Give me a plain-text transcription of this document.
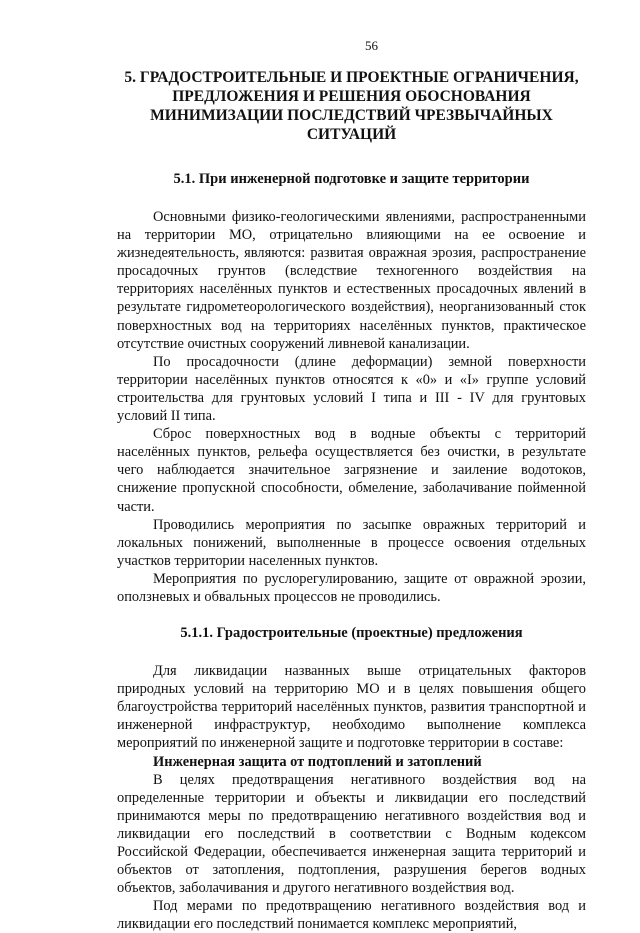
56
5. ГРАДОСТРОИТЕЛЬНЫЕ И ПРОЕКТНЫЕ ОГРАНИЧЕНИЯ, ПРЕДЛОЖЕНИЯ И РЕШЕНИЯ ОБОСНОВАНИЯ МИНИМИЗАЦИИ ПОСЛЕДСТВИЙ ЧРЕЗВЫЧАЙНЫХ СИТУАЦИЙ
5.1. При инженерной подготовке и защите территории

Основными физико-геологическими явлениями, распространенными на территории МО, отрицательно влияющими на ее освоение и жизнедеятельность, являются: развитая овражная эрозия, распространение просадочных грунтов (вследствие техногенного воздействия на территориях населённых пунктов и естественных просадочных явлений в результате гидрометеорологического воздействия), неорганизованный сток поверхностных вод на территориях населённых пунктов, практическое отсутствие очистных сооружений ливневой канализации.

По просадочности (длине деформации) земной поверхности территории населённых пунктов относятся к «0» и «I» группе условий строительства для грунтовых условий I типа и III - IV для грунтовых условий II типа.

Сброс поверхностных вод в водные объекты с территорий населённых пунктов, рельефа осуществляется без очистки, в результате чего наблюдается значительное загрязнение и заиление водотоков, снижение пропускной способности, обмеление, заболачивание пойменной части.

Проводились мероприятия по засыпке овражных территорий и локальных понижений, выполненные в процессе освоения отдельных участков территории населенных пунктов.

Мероприятия по руслорегулированию, защите от овражной эрозии, оползневых и обвальных процессов не проводились.

5.1.1. Градостроительные (проектные) предложения

Для ликвидации названных выше отрицательных факторов природных условий на территорию МО и в целях повышения общего благоустройства территорий населённых пунктов, развития транспортной и инженерной инфраструктур, необходимо выполнение комплекса мероприятий по инженерной защите и подготовке территории в составе:

Инженерная защита от подтоплений и затоплений

В целях предотвращения негативного воздействия вод на определенные территории и объекты и ликвидации его последствий принимаются меры по предотвращению негативного воздействия вод и ликвидации его последствий в соответствии с Водным кодексом Российской Федерации, обеспечивается инженерная защита территорий и объектов от затопления, подтопления, разрушения берегов водных объектов, заболачивания и другого негативного воздействия вод.

Под мерами по предотвращению негативного воздействия вод и ликвидации его последствий понимается комплекс мероприятий,
